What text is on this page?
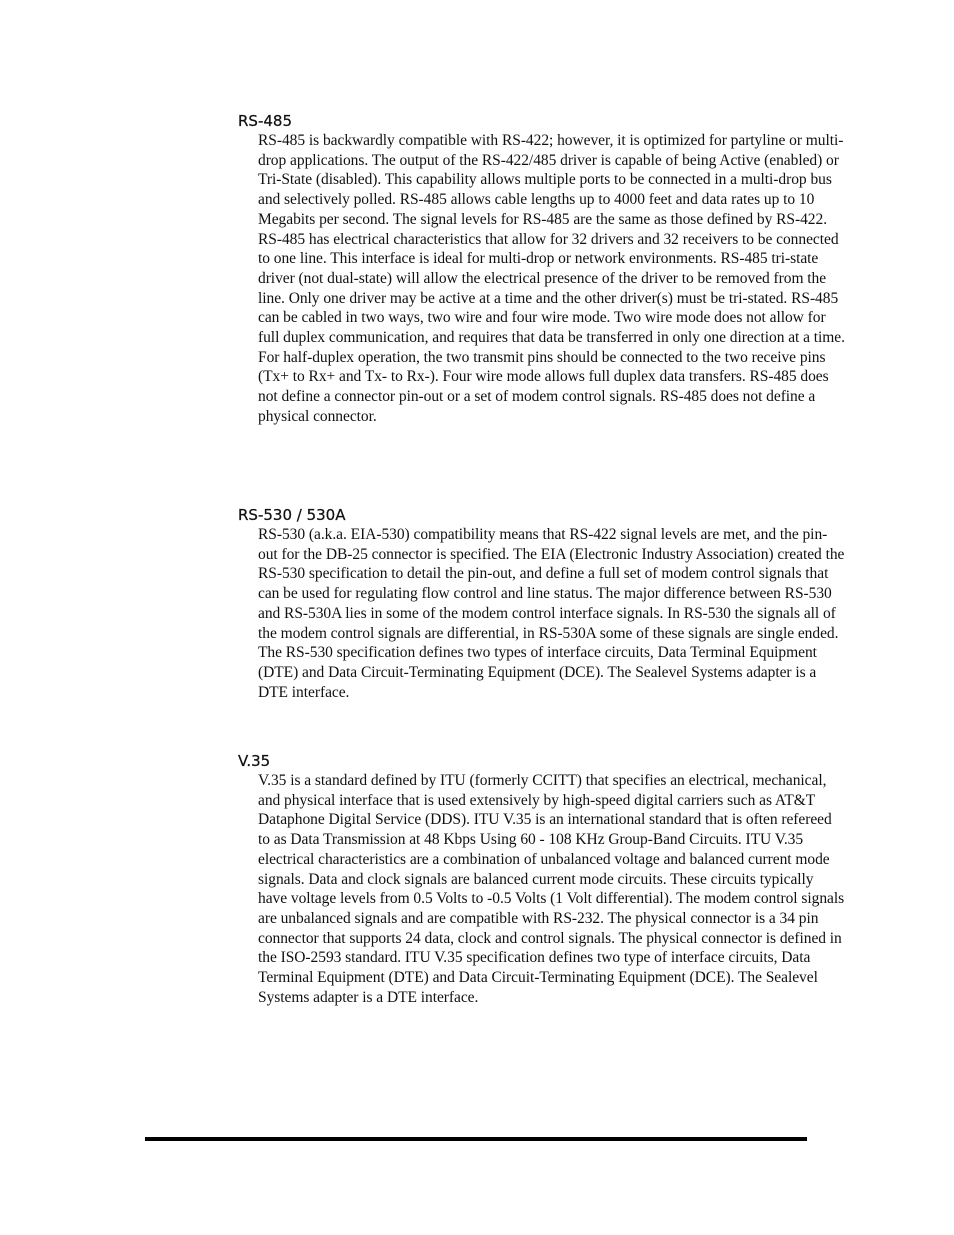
RS-485

RS-485 is backwardly compatible with RS-422; however, it is optimized for partyline or multi-drop applications. The output of the RS-422/485 driver is capable of being Active (enabled) or Tri-State (disabled). This capability allows multiple ports to be connected in a multi-drop bus and selectively polled. RS-485 allows cable lengths up to 4000 feet and data rates up to 10 Megabits per second. The signal levels for RS-485 are the same as those defined by RS-422. RS-485 has electrical characteristics that allow for 32 drivers and 32 receivers to be connected to one line. This interface is ideal for multi-drop or network environments. RS-485 tri-state driver (not dual-state) will allow the electrical presence of the driver to be removed from the line. Only one driver may be active at a time and the other driver(s) must be tri-stated. RS-485 can be cabled in two ways, two wire and four wire mode. Two wire mode does not allow for full duplex communication, and requires that data be transferred in only one direction at a time. For half-duplex operation, the two transmit pins should be connected to the two receive pins (Tx+ to Rx+ and Tx- to Rx-). Four wire mode allows full duplex data transfers. RS-485 does not define a connector pin-out or a set of modem control signals. RS-485 does not define a physical connector.

RS-530 / 530A

RS-530 (a.k.a. EIA-530) compatibility means that RS-422 signal levels are met, and the pin-out for the DB-25 connector is specified. The EIA (Electronic Industry Association) created the RS-530 specification to detail the pin-out, and define a full set of modem control signals that can be used for regulating flow control and line status. The major difference between RS-530 and RS-530A lies in some of the modem control interface signals. In RS-530 the signals all of the modem control signals are differential, in RS-530A some of these signals are single ended. The RS-530 specification defines two types of interface circuits, Data Terminal Equipment (DTE) and Data Circuit-Terminating Equipment (DCE). The Sealevel Systems adapter is a DTE interface.

V.35

V.35 is a standard defined by ITU (formerly CCITT) that specifies an electrical, mechanical, and physical interface that is used extensively by high-speed digital carriers such as AT&T Dataphone Digital Service (DDS). ITU V.35 is an international standard that is often refereed to as Data Transmission at 48 Kbps Using 60 - 108 KHz Group-Band Circuits. ITU V.35 electrical characteristics are a combination of unbalanced voltage and balanced current mode signals. Data and clock signals are balanced current mode circuits. These circuits typically have voltage levels from 0.5 Volts to -0.5 Volts (1 Volt differential). The modem control signals are unbalanced signals and are compatible with RS-232. The physical connector is a 34 pin connector that supports 24 data, clock and control signals. The physical connector is defined in the ISO-2593 standard. ITU V.35 specification defines two type of interface circuits, Data Terminal Equipment (DTE) and Data Circuit-Terminating Equipment (DCE). The Sealevel Systems adapter is a DTE interface.
